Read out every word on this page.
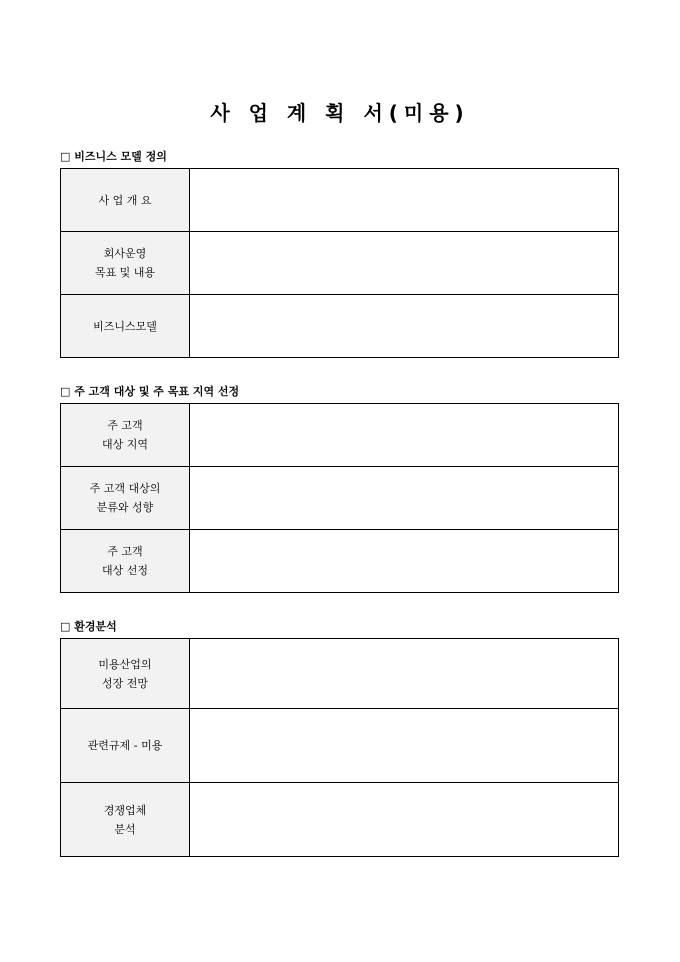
사 업 계 획 서(미용)
□ 비즈니스 모델 정의
사 업 개 요	

회사운영
목표 및 내용	

비즈니스모델	

□ 주 고객 대상 및 주 목표 지역 선정
주 고객
대상 지역	

주 고객 대상의
분류와 성향	

주 고객
대상 선정	

□ 환경분석
미용산업의
성장 전망	

관련규제 - 미용	

경쟁업체
분석	
